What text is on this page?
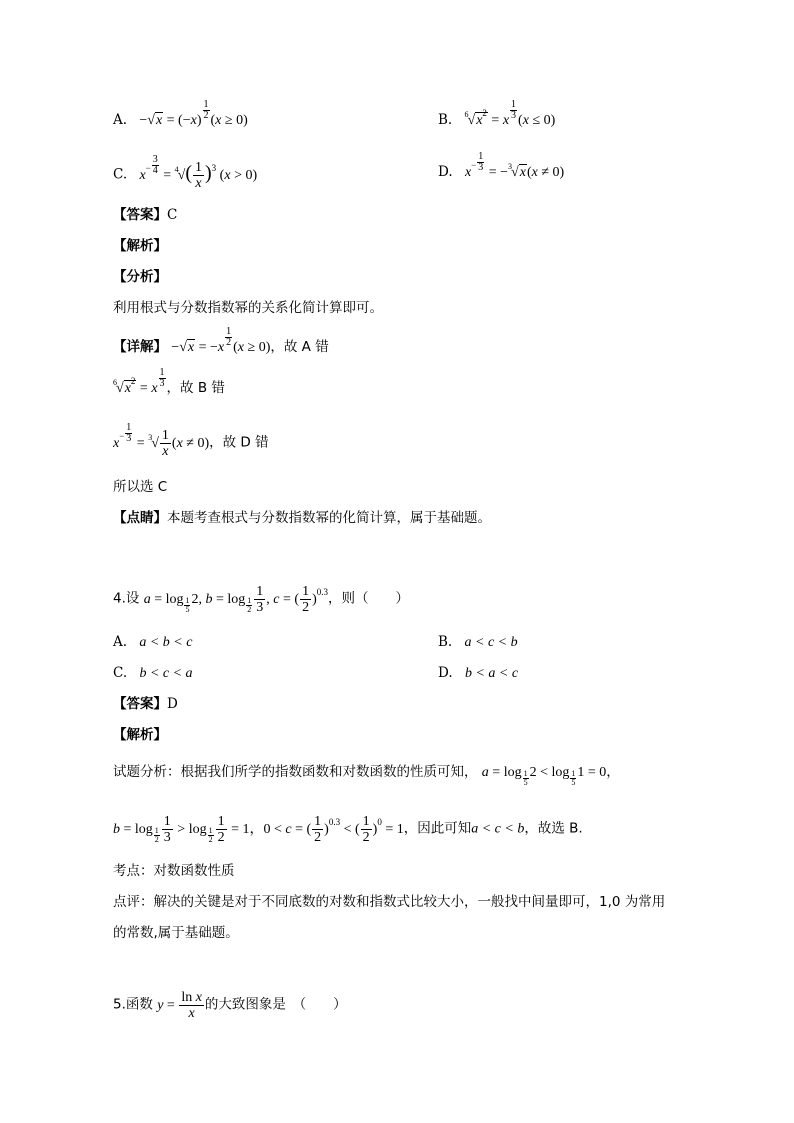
A. $-√x = (-x) \frac{1}{2} (x \ge 0)$	B. $^6√x^2 = x \frac{1}{3} (x \le 0)$
C. $x^- \frac{3}{4} = ^4√( \frac{1}{x} )^3$ (x > 0)	D. $x^- \frac{1}{3} = -^3√x(x \ne 0)$
【答案】C
【解析】
【分析】
利用根式与分数指数幂的关系化简计算即可。
【详解】 $-√x = -x \frac{1}{2} (x \ge 0)$，故 A 错
$^6√x^2 = x \frac{1}{3}$ ，故 B 错
$x^- \frac{1}{3} = ^3√ \frac{1}{x} (x \ne 0)$，故 D 错
所以选 C
【点睛】本题考查根式与分数指数幂的化简计算，属于基础题。
4.设 $a = \log \frac{1}{5} 2$, $b = \log \frac{1}{2} \frac{1}{3}$ , c = ( $\frac{1}{2} )^{0.3}$，则（　　）
A. a < b < c	B. a < c < b
C. b < c < a	D. b < a < c
【答案】D
【解析】
试题分析：根据我们所学的指数函数和对数函数的性质可知， $a = \log \frac{1}{5} 2 < \log \frac{1}{5} 1 = 0$，
$b = \log \frac{1}{2} \frac{1}{3} > \log \frac{1}{2} \frac{1}{2} = 1$，0 < c = ( $\frac{1}{2} )^{0.3}$ < ( $\frac{1}{2} )^0 = 1$，因此可知a < c < b，故选 B.
考点：对数函数性质
点评：解决的关键是对于不同底数的对数和指数式比较大小，一般找中间量即可，1,0 为常用
的常数,属于基础题。
5.函数 $y = \frac{\text{ln x}}{x}$ 的大致图象是　（　　）
